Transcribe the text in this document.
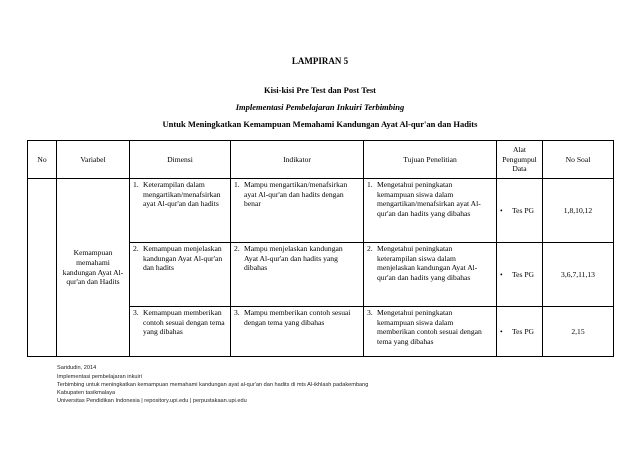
LAMPIRAN 5
Kisi-kisi Pre Test dan Post Test
Implementasi Pembelajaran Inkuiri Terbimbing
Untuk Meningkatkan Kemampuan Memahami Kandungan Ayat Al-qur'an dan Hadits
No	Variabel	Dimensi	Indikator	Tujuan Penelitian	Alat Pengumpul Data	No Soal
	Kemampuan memahami kandungan Ayat Al-qur'an dan Hadits	1. Keterampilan dalam mengartikan/menafsirkan ayat Al-qur'an dan hadits	1. Mampu mengartikan/menafsirkan ayat Al-qur'an dan hadits dengan benar	1. Mengetahui peningkatan kemampuan siswa dalam mengartikan/menafsirkan ayat Al-qur'an dan hadits yang dibahas	• Tes PG	1,8,10,12
		2. Kemampuan menjelaskan kandungan Ayat Al-qur'an dan hadits	2. Mampu menjelaskan kandungan Ayat Al-qur'an dan hadits yang dibahas	2. Mengetahui peningkatan keterampilan siswa dalam menjelaskan kandungan Ayat Al-qur'an dan hadits yang dibahas	• Tes PG	3,6,7,11,13
		3. Kemampuan memberikan contoh sesuai dengan tema yang dibahas	3. Mampu memberikan contoh sesuai dengan tema yang dibahas	3. Mengetahui peningkatan kemampuan siswa dalam memberikan contoh sesuai dengan tema yang dibahas	• Tes PG	2,15
Saridudin, 2014
Implementasi pembelajaran inkuiri
Terbimbing untuk meningkatkan kemampuan memahami kandungan ayat al-qur'an dan hadits di mts Al-ikhlash padakembang
Kabupaten tasikmalaya
Universitas Pendidikan Indonesia | repository.upi.edu | perpustakaan.upi.edu
